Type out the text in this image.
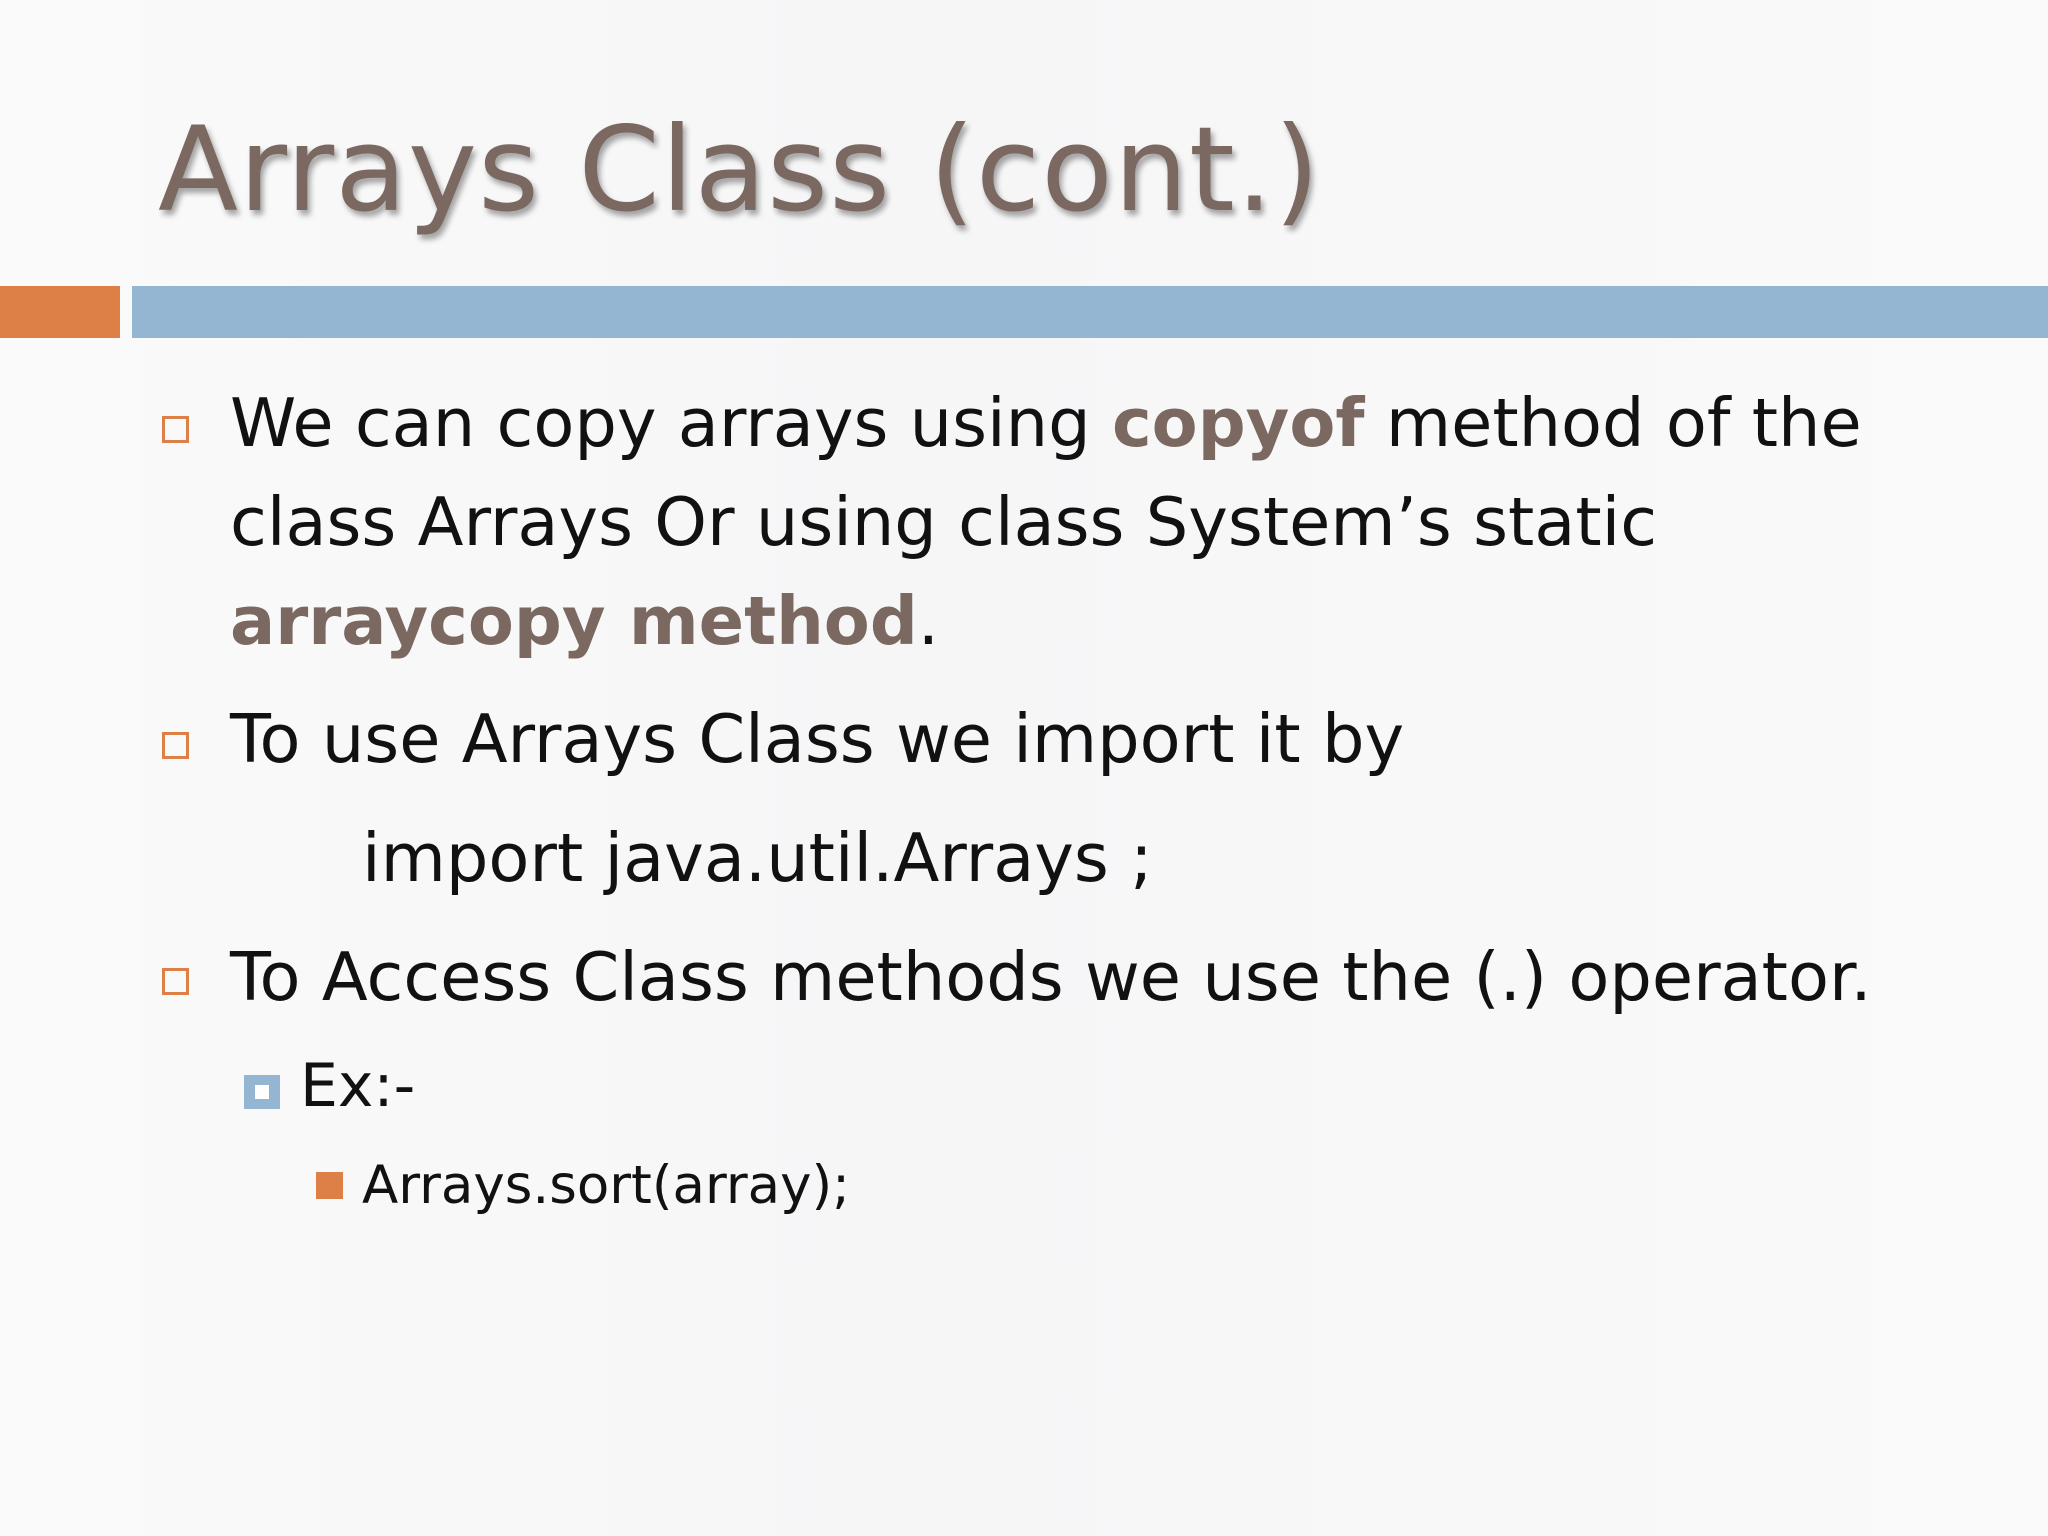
Arrays Class (cont.)
We can copy arrays using copyof method of the
class Arrays Or using class System’s static
arraycopy method.
To use Arrays Class we import it by
import java.util.Arrays ;
To Access Class methods we use the (.) operator.
Ex:-
Arrays.sort(array);
